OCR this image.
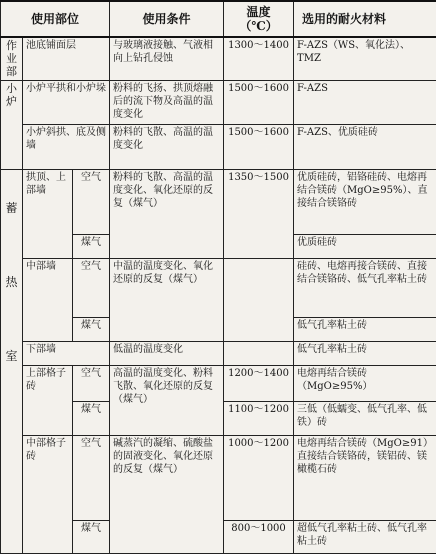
使用部位			使用条件	温度
（℃）	选用的耐火材料
作业部	池底铺面层		与玻璃液接触、气液相向上钻孔侵蚀	1300～1400	F-AZS（WS、氧化法）、TMZ
小炉	小炉平拱和小炉垛		粉料的飞扬、拱顶熔融后的流下物及高温的温度变化	1500～1600	F-AZS
	小炉斜拱、底及侧墙		粉料的飞散、高温的温度变化	1500～1600	F-AZS、优质硅砖

蓄热室	拱顶、上部墙	空气	粉料的飞散、高温的温度变化、氧化还原的反复（煤气）	1350～1500	优质硅砖，铝铬硅砖、电熔再结合镁砖（MgO≥95%）、直接结合镁铬砖
		煤气			优质硅砖
	中部墙	空气	中温的温度变化、氧化还原的反复（煤气）		硅砖、电熔再接合镁砖、直接结合镁铬砖、低气孔率粘土砖
		煤气			低气孔率粘土砖
	下部墙		低温的温度变化		低气孔率粘土砖
	上部格子砖	空气	高温的温度变化、粉料飞散、氧化还原的反复（煤气）	1200～1400	电熔再结合镁砖（MgO≥95%）
		煤气		1100～1200	三低（低蠕变、低气孔率、低铁）砖
	中部格子砖	空气	碱蒸汽的凝缩、硫酸盐的固液变化、氧化还原的反复（煤气）	1000～1200	电熔再结合镁砖（MgO≥91）直接结合镁铬砖，镁铝砖、镁橄榄石砖
		煤气		800～1000	超低气孔率粘土砖、低气孔率粘土砖
